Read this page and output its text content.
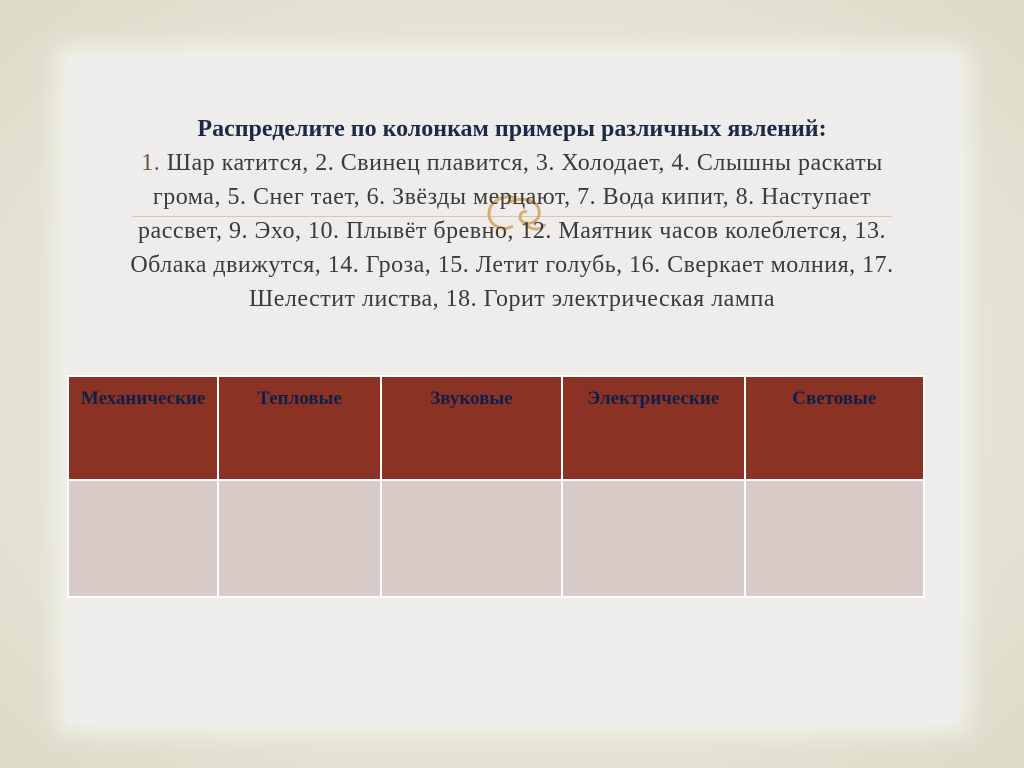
Распределите по колонкам примеры различных явлений:

1. Шар катится, 2. Свинец плавится, 3. Холодает, 4. Слышны раскаты
грома, 5. Снег тает, 6. Звёзды мерцают, 7. Вода кипит, 8. Наступает
рассвет, 9. Эхо, 10. Плывёт бревно, 12. Маятник часов колеблется, 13.
Облака движутся, 14. Гроза, 15. Летит голубь, 16. Сверкает молния, 17.
Шелестит листва, 18. Горит электрическая лампа

Механические	Тепловые	Звуковые	Электрические	Световые
